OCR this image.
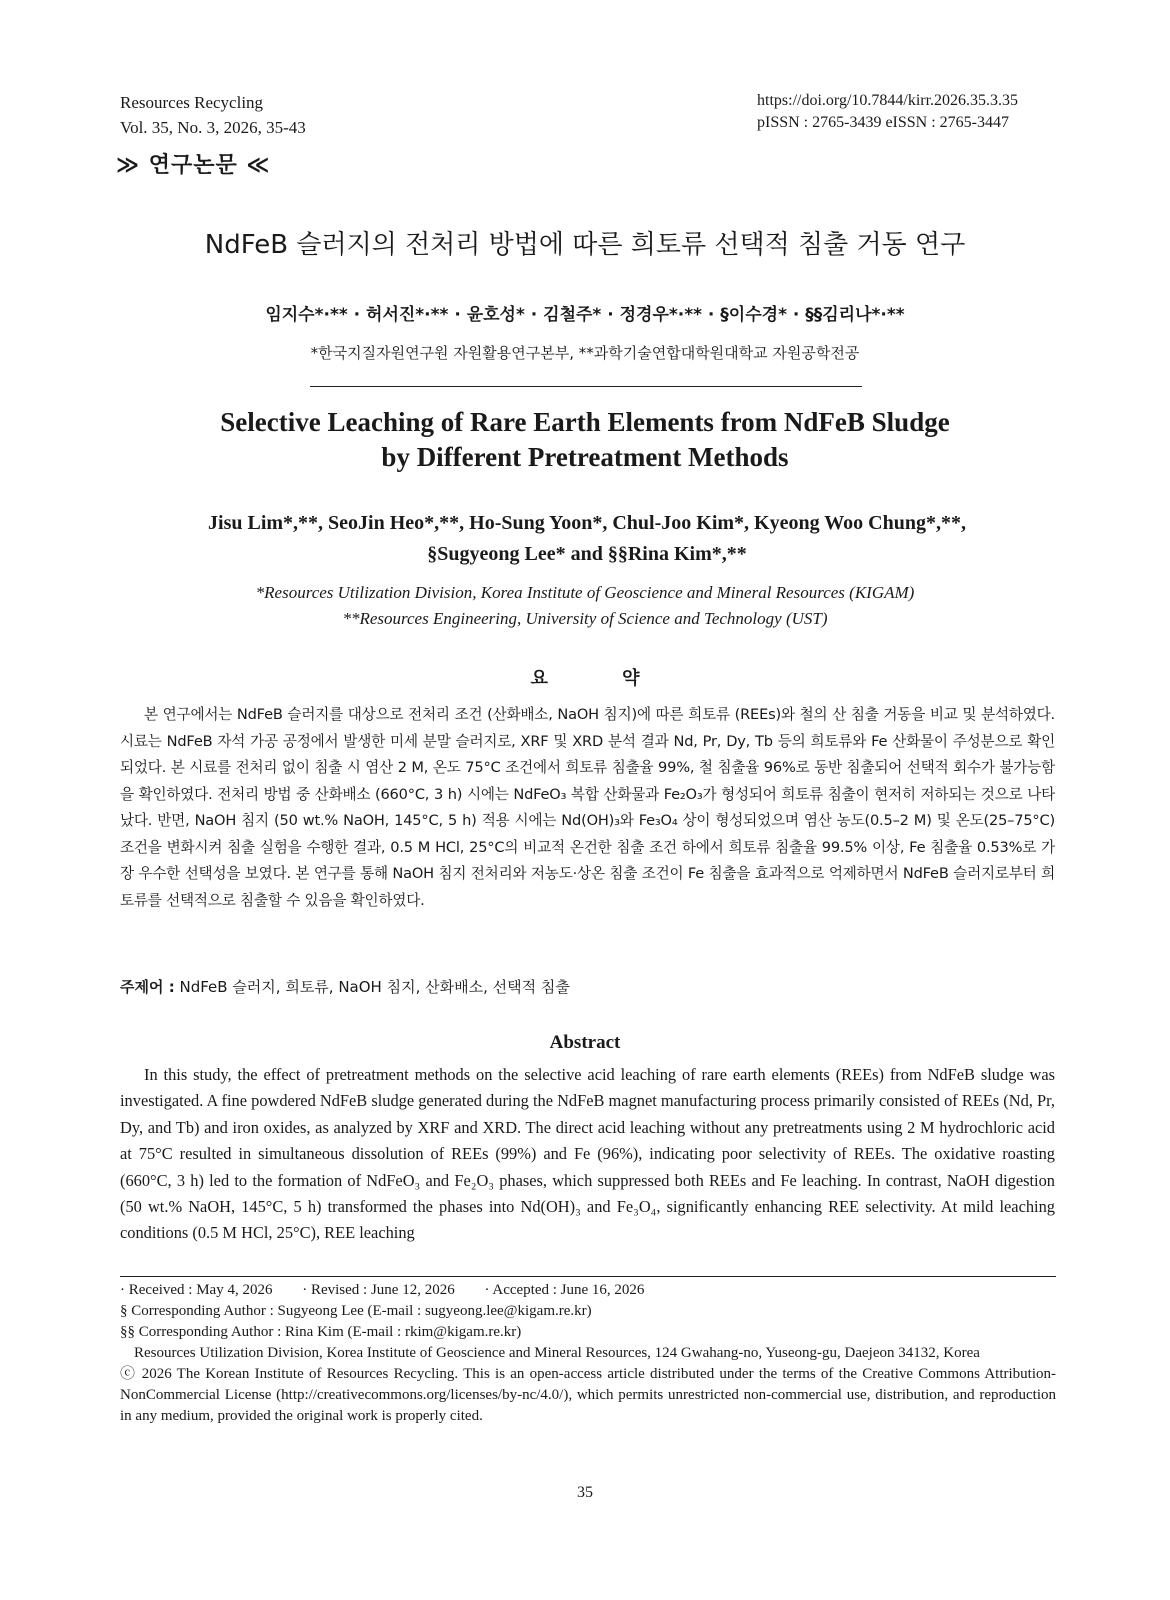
Resources Recycling
Vol. 35, No. 3, 2026, 35-43
https://doi.org/10.7844/kirr.2026.35.3.35
pISSN : 2765-3439 eISSN : 2765-3447
≫ 연구논문 ≪
NdFeB 슬러지의 전처리 방법에 따른 희토류 선택적 침출 거동 연구
임지수*·** · 허서진*·** · 윤호성* · 김철주* · 정경우*·** · §이수경* · §§김리나*·**
*한국지질자원연구원 자원활용연구본부, **과학기술연합대학원대학교 자원공학전공
Selective Leaching of Rare Earth Elements from NdFeB Sludge
by Different Pretreatment Methods
Jisu Lim*,**, SeoJin Heo*,**, Ho-Sung Yoon*, Chul-Joo Kim*, Kyeong Woo Chung*,**,
§Sugyeong Lee* and §§Rina Kim*,**
*Resources Utilization Division, Korea Institute of Geoscience and Mineral Resources (KIGAM)
**Resources Engineering, University of Science and Technology (UST)
요 약
본 연구에서는 NdFeB 슬러지를 대상으로 전처리 조건 (산화배소, NaOH 침지)에 따른 희토류 (REEs)와 철의 산 침출 거동을 비교 및 분석하였다. 시료는 NdFeB 자석 가공 공정에서 발생한 미세 분말 슬러지로, XRF 및 XRD 분석 결과 Nd, Pr, Dy, Tb 등의 희토류와 Fe 산화물이 주성분으로 확인되었다. 본 시료를 전처리 없이 침출 시 염산 2 M, 온도 75°C 조건에서 희토류 침출율 99%, 철 침출율 96%로 동반 침출되어 선택적 회수가 불가능함을 확인하였다. 전처리 방법 중 산화배소 (660°C, 3 h) 시에는 NdFeO₃ 복합 산화물과 Fe₂O₃가 형성되어 희토류 침출이 현저히 저하되는 것으로 나타났다. 반면, NaOH 침지 (50 wt.% NaOH, 145°C, 5 h) 적용 시에는 Nd(OH)₃와 Fe₃O₄ 상이 형성되었으며 염산 농도(0.5–2 M) 및 온도(25–75°C) 조건을 변화시켜 침출 실험을 수행한 결과, 0.5 M HCl, 25°C의 비교적 온건한 침출 조건 하에서 희토류 침출율 99.5% 이상, Fe 침출율 0.53%로 가장 우수한 선택성을 보였다. 본 연구를 통해 NaOH 침지 전처리와 저농도·상온 침출 조건이 Fe 침출을 효과적으로 억제하면서 NdFeB 슬러지로부터 희토류를 선택적으로 침출할 수 있음을 확인하였다.
주제어 : NdFeB 슬러지, 희토류, NaOH 침지, 산화배소, 선택적 침출
Abstract
In this study, the effect of pretreatment methods on the selective acid leaching of rare earth elements (REEs) from NdFeB sludge was investigated. A fine powdered NdFeB sludge generated during the NdFeB magnet manufacturing process primarily consisted of REEs (Nd, Pr, Dy, and Tb) and iron oxides, as analyzed by XRF and XRD. The direct acid leaching without any pretreatments using 2 M hydrochloric acid at 75°C resulted in simultaneous dissolution of REEs (99%) and Fe (96%), indicating poor selectivity of REEs. The oxidative roasting (660°C, 3 h) led to the formation of NdFeO₃ and Fe₂O₃ phases, which suppressed both REEs and Fe leaching. In contrast, NaOH digestion (50 wt.% NaOH, 145°C, 5 h) transformed the phases into Nd(OH)₃ and Fe₃O₄, significantly enhancing REE selectivity. At mild leaching conditions (0.5 M HCl, 25°C), REE leaching
· Received : May 4, 2026 · Revised : June 12, 2026 · Accepted : June 16, 2026
§ Corresponding Author : Sugyeong Lee (E-mail : sugyeong.lee@kigam.re.kr)
§§ Corresponding Author : Rina Kim (E-mail : rkim@kigam.re.kr)
Resources Utilization Division, Korea Institute of Geoscience and Mineral Resources, 124 Gwahang-no, Yuseong-gu, Daejeon 34132, Korea
ⓒ 2026 The Korean Institute of Resources Recycling. This is an open-access article distributed under the terms of the Creative Commons Attribution-NonCommercial License (http://creativecommons.org/licenses/by-nc/4.0/), which permits unrestricted non-commercial use, distribution, and reproduction in any medium, provided the original work is properly cited.
35
